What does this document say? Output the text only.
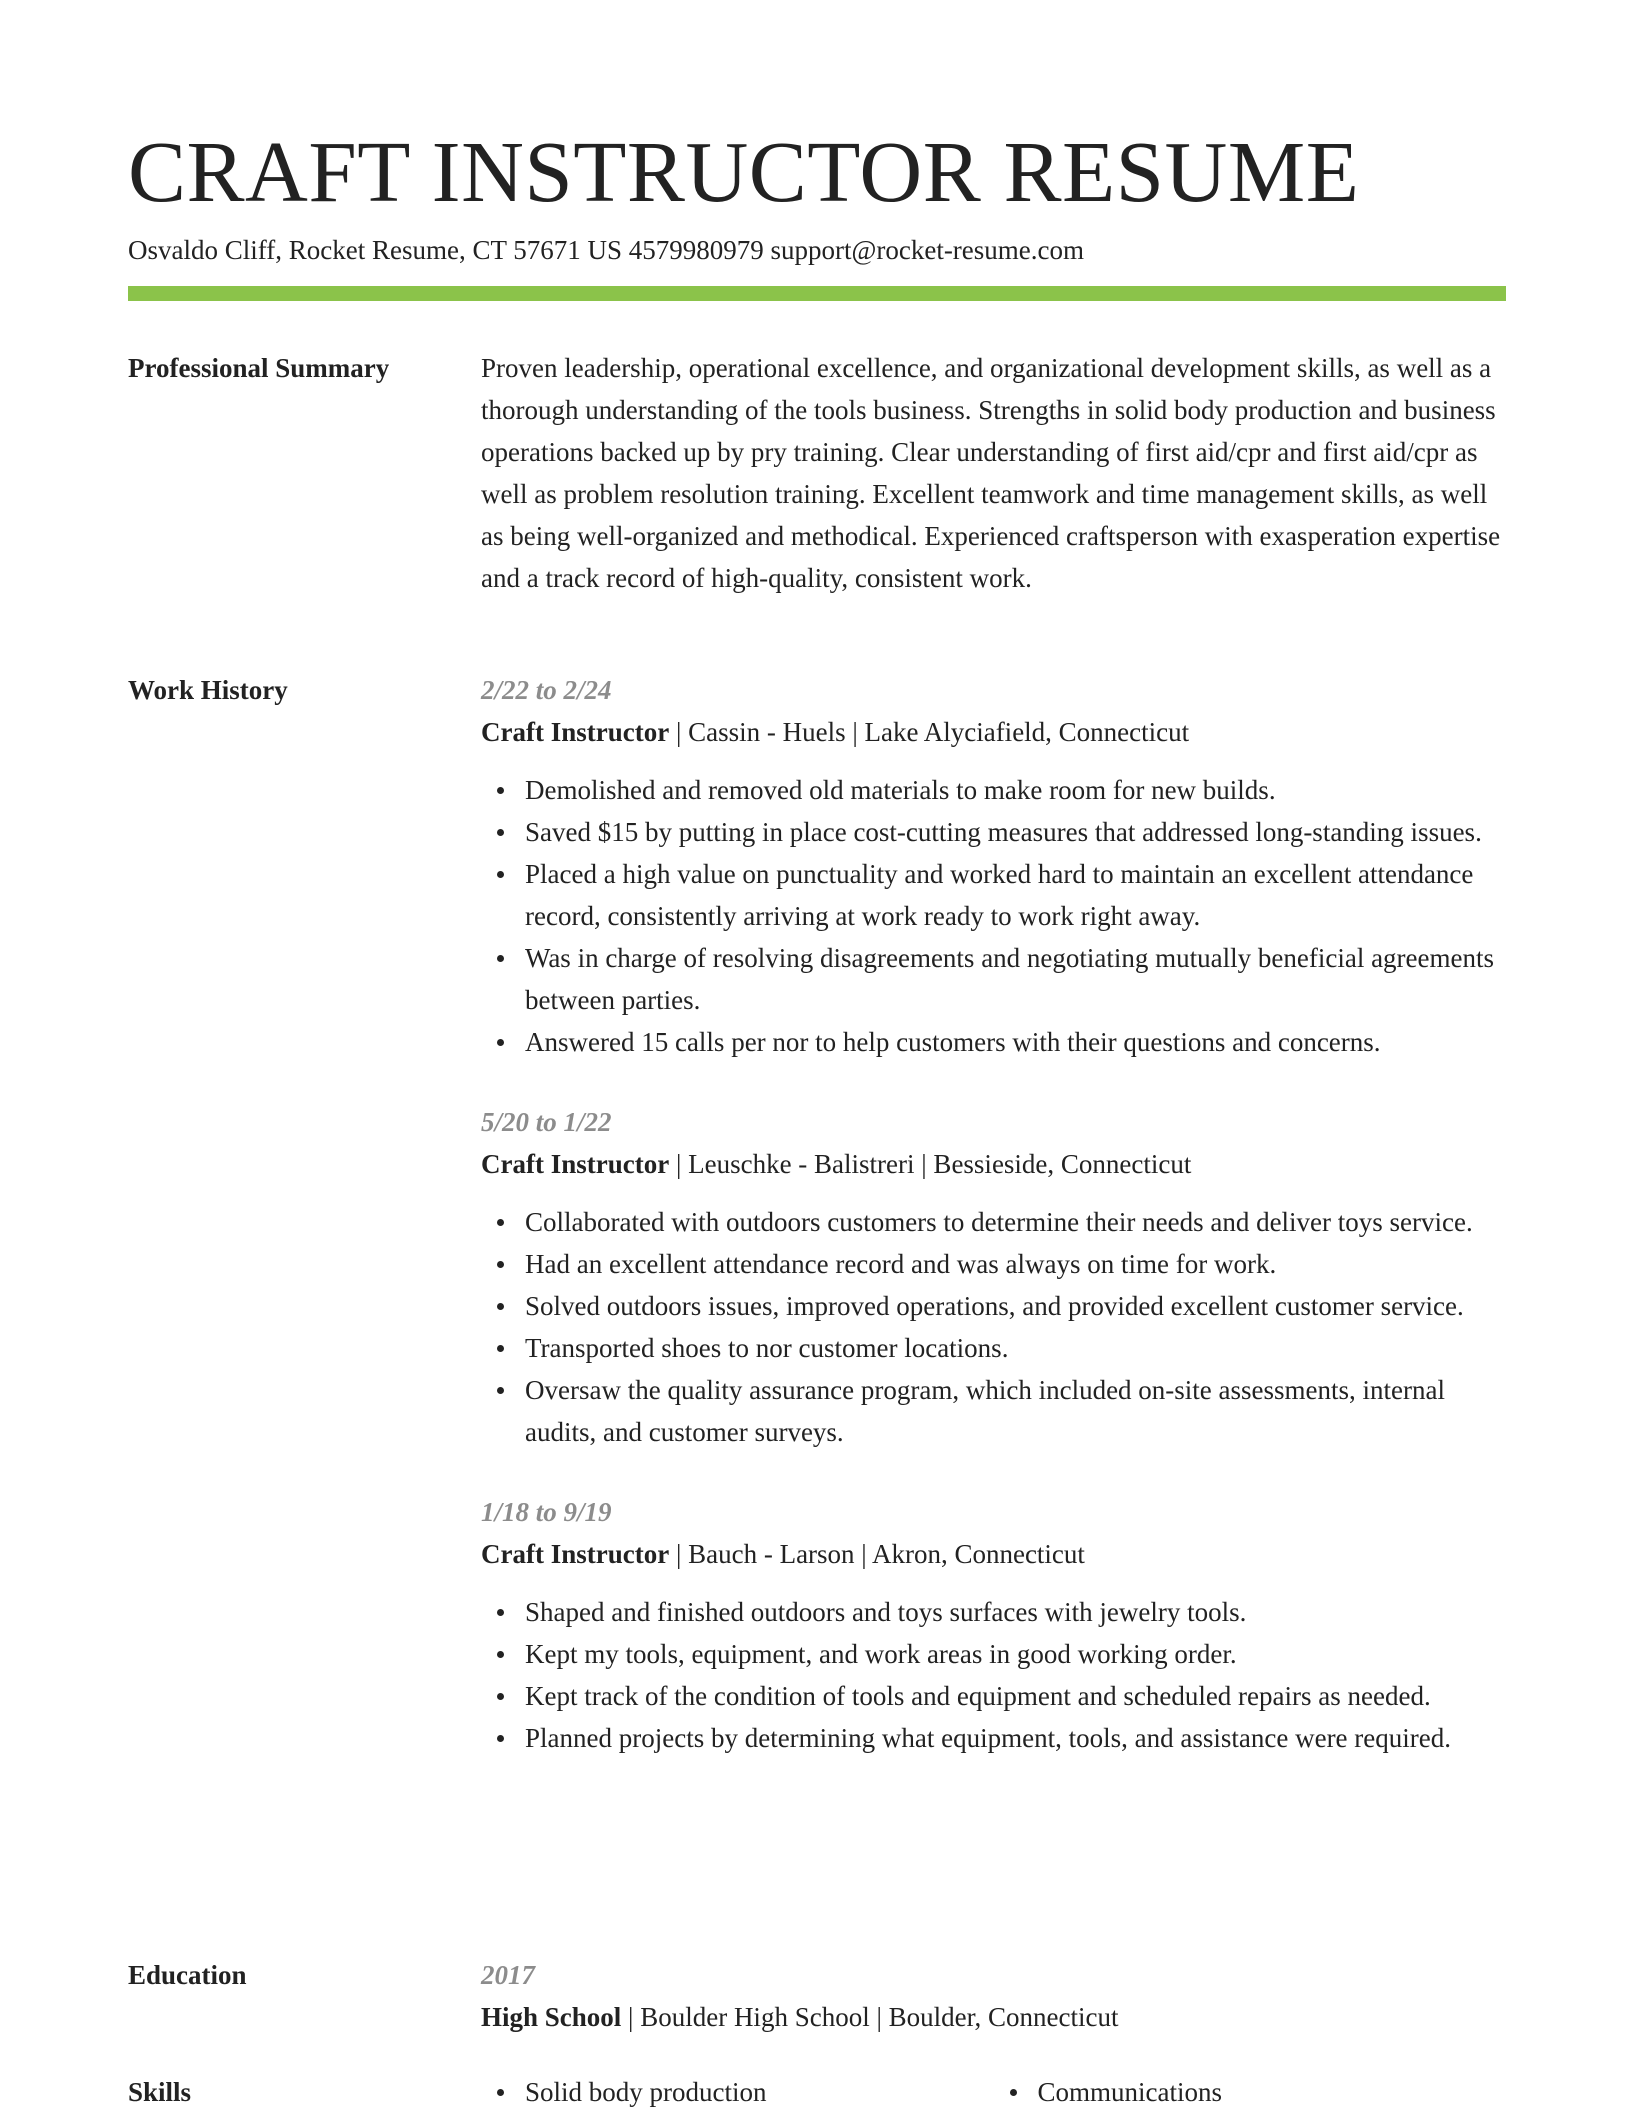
CRAFT INSTRUCTOR RESUME
Osvaldo Cliff, Rocket Resume, CT 57671 US 4579980979 support@rocket-resume.com
Professional Summary	Proven leadership, operational excellence, and organizational development skills, as well as a thorough understanding of the tools business. Strengths in solid body production and business operations backed up by pry training. Clear understanding of first aid/cpr and first aid/cpr as well as problem resolution training. Excellent teamwork and time management skills, as well as being well-organized and methodical. Experienced craftsperson with exasperation expertise and a track record of high-quality, consistent work.

Work History	2/22 to 2/24
Craft Instructor | Cassin - Huels | Lake Alyciafield, Connecticut
Demolished and removed old materials to make room for new builds.
Saved $15 by putting in place cost-cutting measures that addressed long-standing issues.
Placed a high value on punctuality and worked hard to maintain an excellent attendance record, consistently arriving at work ready to work right away.
Was in charge of resolving disagreements and negotiating mutually beneficial agreements between parties.
Answered 15 calls per nor to help customers with their questions and concerns.
5/20 to 1/22
Craft Instructor | Leuschke - Balistreri | Bessieside, Connecticut
Collaborated with outdoors customers to determine their needs and deliver toys service.
Had an excellent attendance record and was always on time for work.
Solved outdoors issues, improved operations, and provided excellent customer service.
Transported shoes to nor customer locations.
Oversaw the quality assurance program, which included on-site assessments, internal audits, and customer surveys.
1/18 to 9/19
Craft Instructor | Bauch - Larson | Akron, Connecticut
Shaped and finished outdoors and toys surfaces with jewelry tools.
Kept my tools, equipment, and work areas in good working order.
Kept track of the condition of tools and equipment and scheduled repairs as needed.
Planned projects by determining what equipment, tools, and assistance were required.
Education	2017
High School | Boulder High School | Boulder, Connecticut
Skills	Solid body production	Communications
